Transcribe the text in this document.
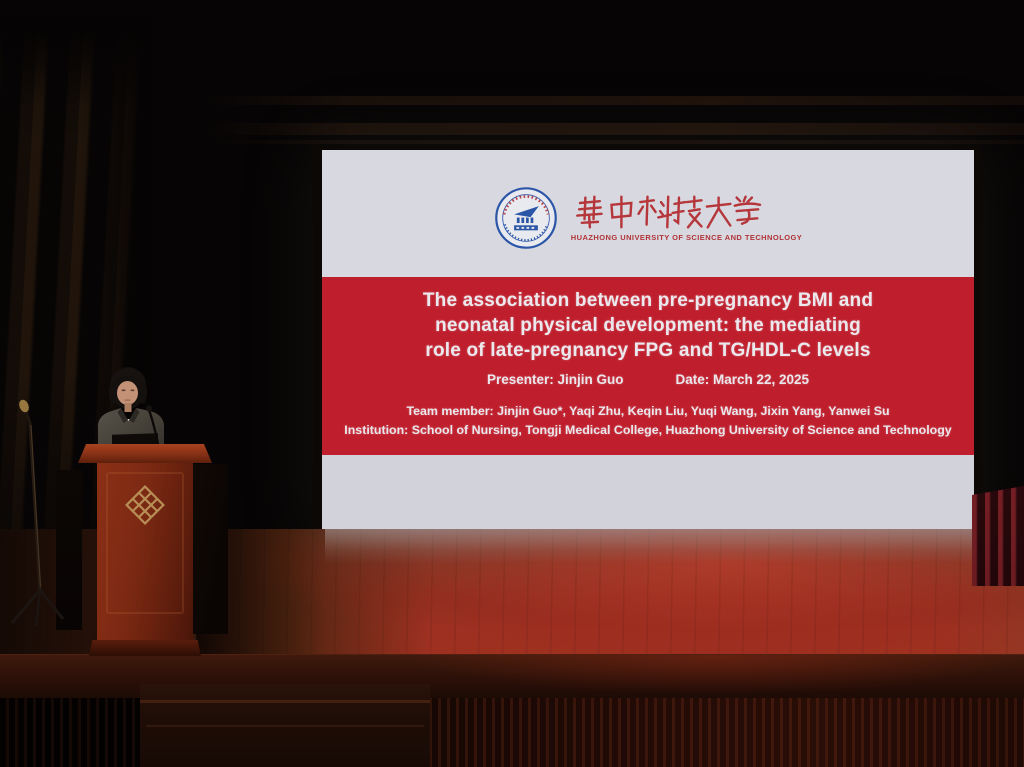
HUAZHONG UNIVERSITY OF SCIENCE AND TECHNOLOGY
The association between pre-pregnancy BMI and
neonatal physical development: the mediating
role of late-pregnancy FPG and TG/HDL-C levels
Presenter: Jinjin Guo	Date: March 22, 2025
Team member: Jinjin Guo*, Yaqi Zhu, Keqin Liu, Yuqi Wang, Jixin Yang, Yanwei Su
Institution: School of Nursing, Tongji Medical College, Huazhong University of Science and Technology
